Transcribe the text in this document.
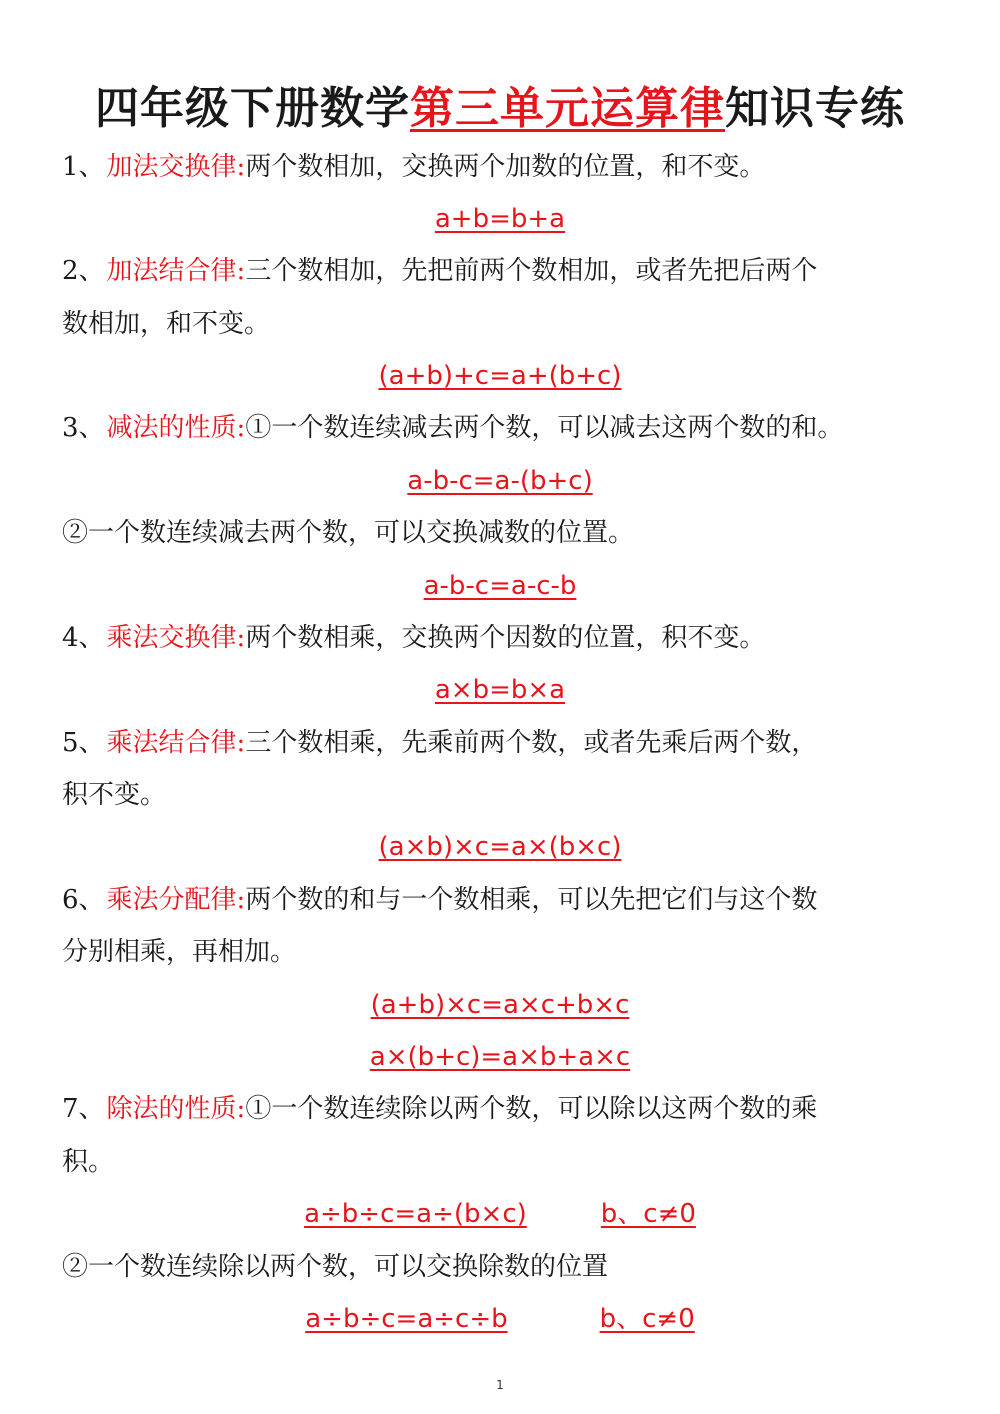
四年级下册数学第三单元运算律知识专练
1、加法交换律:两个数相加，交换两个加数的位置，和不变。
a+b=b+a
2、加法结合律:三个数相加，先把前两个数相加，或者先把后两个
数相加，和不变。
(a+b)+c=a+(b+c)
3、减法的性质:①一个数连续减去两个数，可以减去这两个数的和。
a-b-c=a-(b+c)
②一个数连续减去两个数，可以交换减数的位置。
a-b-c=a-c-b
4、乘法交换律:两个数相乘，交换两个因数的位置，积不变。
a×b=b×a
5、乘法结合律:三个数相乘，先乘前两个数，或者先乘后两个数，
积不变。
(a×b)×c=a×(b×c)
6、乘法分配律:两个数的和与一个数相乘，可以先把它们与这个数
分别相乘，再相加。
(a+b)×c=a×c+b×c
a×(b+c)=a×b+a×c
7、除法的性质:①一个数连续除以两个数，可以除以这两个数的乘
积。
a÷b÷c=a÷(b×c)	b、c≠0
②一个数连续除以两个数，可以交换除数的位置
a÷b÷c=a÷c÷b	b、c≠0
1
